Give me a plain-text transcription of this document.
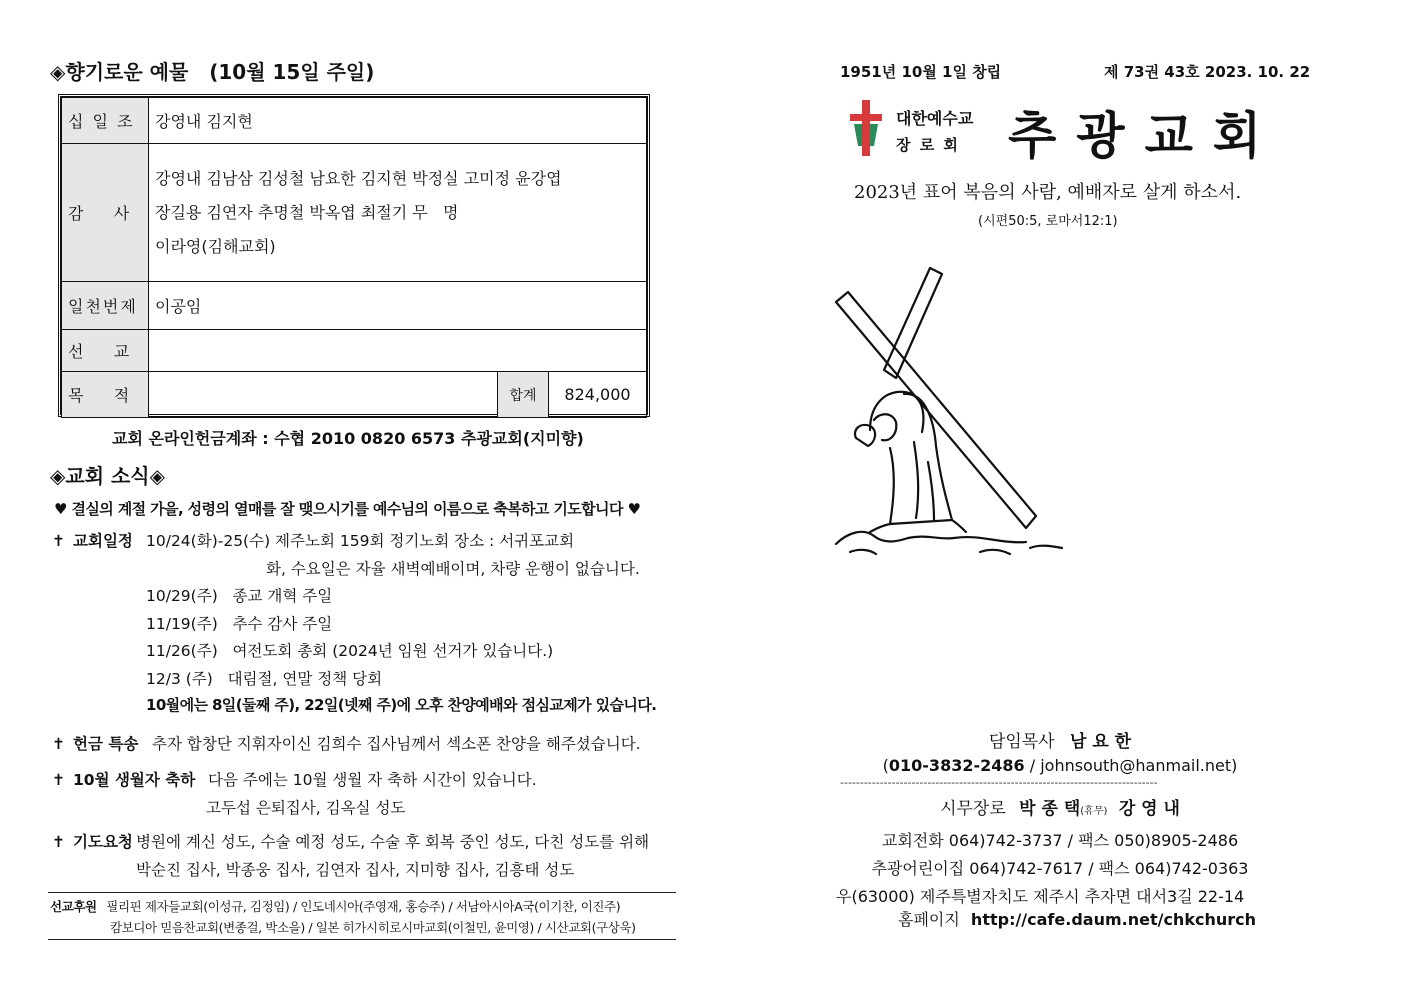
◈향기로운 예물 (10월 15일 주일)
십 일 조	강영내 김지현		
감    사	강영내 김남삼 김성철 남요한 김지현 박정실 고미정 윤강엽
장길용 김연자 추명철 박옥엽 최절기 무   명
이라영(김해교회)		

일천번제	이공임		
선    교			
목    적		합계	824,000
교회 온라인헌금계좌 : 수협 2010 0820 6573 추광교회(지미향)
◈교회 소식◈
♥ 결실의 계절 가을, 성령의 열매를 잘 맺으시기를 예수님의 이름으로 축복하고 기도합니다 ♥
✝ 교회일정 10/24(화)-25(수) 제주노회 159회 정기노회 장소 : 서귀포교회
화, 수요일은 자율 새벽예배이며, 차량 운행이 없습니다.
10/29(주)   종교 개혁 주일
11/19(주)   추수 감사 주일
11/26(주)   여전도회 총회 (2024년 임원 선거가 있습니다.)
12/3 (주)   대림절, 연말 정책 당회
10월에는 8일(둘째 주), 22일(넷째 주)에 오후 찬양예배와 점심교제가 있습니다.
✝ 헌금 특송 추자 합창단 지휘자이신 김희수 집사님께서 섹소폰 찬양을 해주셨습니다.
✝ 10월 생월자 축하 다음 주에는 10월 생월 자 축하 시간이 있습니다.
고두섭 은퇴집사, 김옥실 성도
✝ 기도요청 병원에 계신 성도, 수술 예정 성도, 수술 후 회복 중인 성도, 다친 성도를 위해
박순진 집사, 박종웅 집사, 김연자 집사, 지미향 집사, 김흥태 성도
선교후원 필리핀 제자들교회(이성규, 김정임) / 인도네시아(주영재, 홍승주) / 서남아시아A국(이기찬, 이진주)
캄보디아 믿음찬교회(변종걸, 박소을) / 일본 히가시히로시마교회(이철민, 윤미영) / 시산교회(구상욱)
1951년 10월 1일 창립	제 73권 43호 2023. 10. 22
대한예수교
장 로 회 추광교회
2023년 표어 복음의 사람, 예배자로 살게 하소서.
(시편50:5, 로마서12:1)
담임목사 남 요 한
(010-3832-2486 / johnsouth@hanmail.net)
--------------------------------------------------------------------------------
시무장로 박 종 택(휴무) 강 영 내
교회전화 064)742-3737 / 팩스 050)8905-2486
추광어린이집 064)742-7617 / 팩스 064)742-0363
우(63000) 제주특별자치도 제주시 추자면 대서3길 22-14
홈페이지 http://cafe.daum.net/chkchurch
